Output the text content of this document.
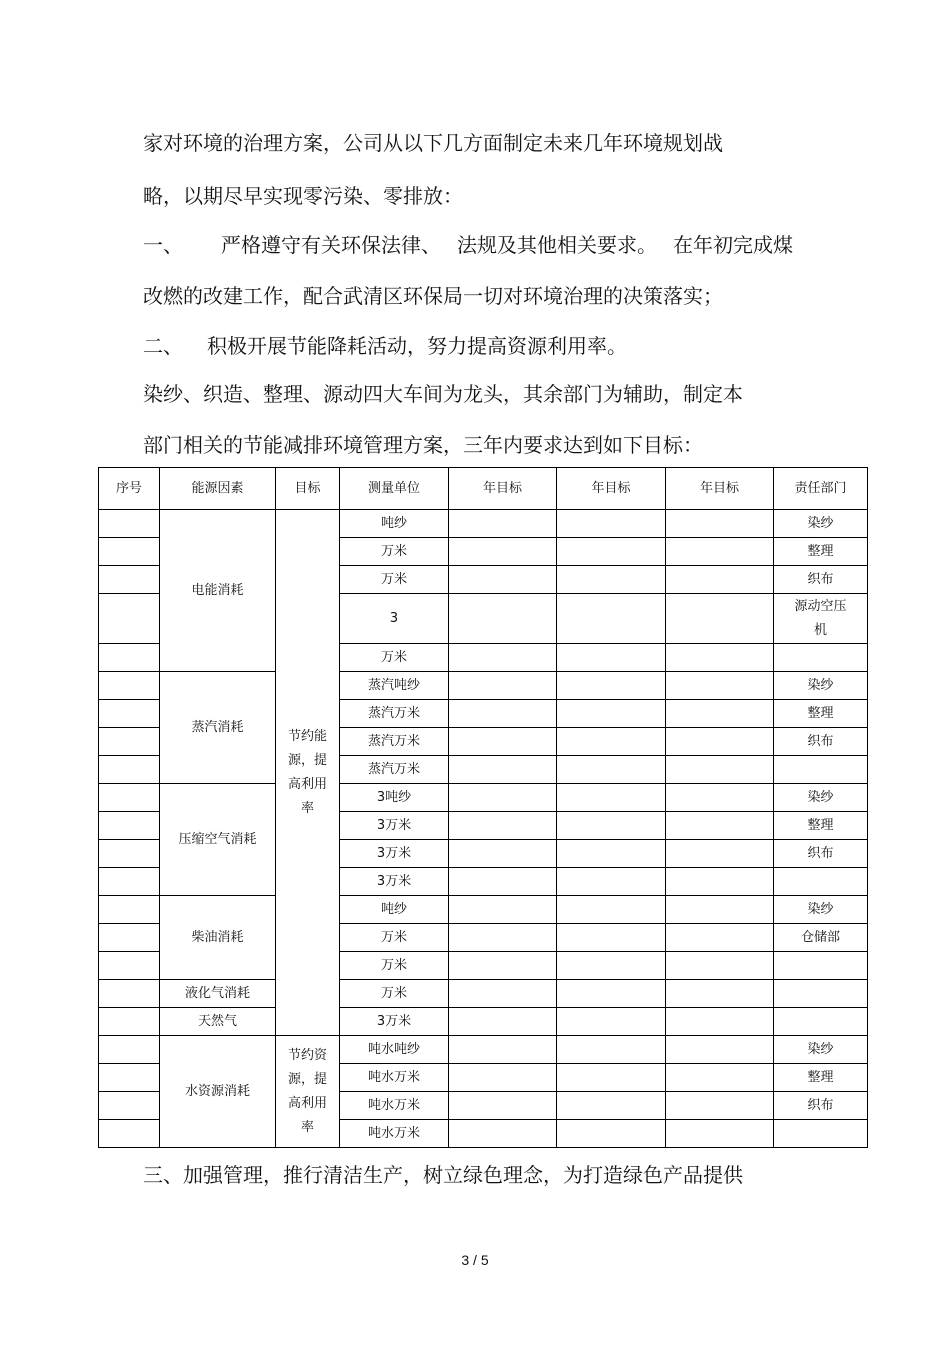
家对环境的治理方案，公司从以下几方面制定未来几年环境规划战
略，以期尽早实现零污染、零排放：
一、 严格遵守有关环保法律、 法规及其他相关要求。 在年初完成煤
改燃的改建工作，配合武清区环保局一切对环境治理的决策落实；
二、 积极开展节能降耗活动，努力提高资源利用率。
染纱、织造、整理、源动四大车间为龙头，其余部门为辅助，制定本
部门相关的节能减排环境管理方案，三年内要求达到如下目标：
序号	能源因素	目标	测量单位	年目标	年目标	年目标	责任部门
	电能消耗	节约能源，提高利用率	吨纱				染纱
			万米				整理
			万米				织布
			3				源动空压机

			万米				
	蒸汽消耗		蒸汽吨纱				染纱
			蒸汽万米				整理
			蒸汽万米				织布
			蒸汽万米				
	压缩空气消耗		3吨纱				染纱
			3万米				整理
			3万米				织布
			3万米				
	柴油消耗		吨纱				染纱
			万米				仓储部
			万米				
	液化气消耗		万米				
	天然气		3万米				
	水资源消耗	节约资源，提高利用率	吨水吨纱				染纱
			吨水万米				整理
			吨水万米				织布
			吨水万米				
三、加强管理，推行清洁生产，树立绿色理念，为打造绿色产品提供
3 / 5
